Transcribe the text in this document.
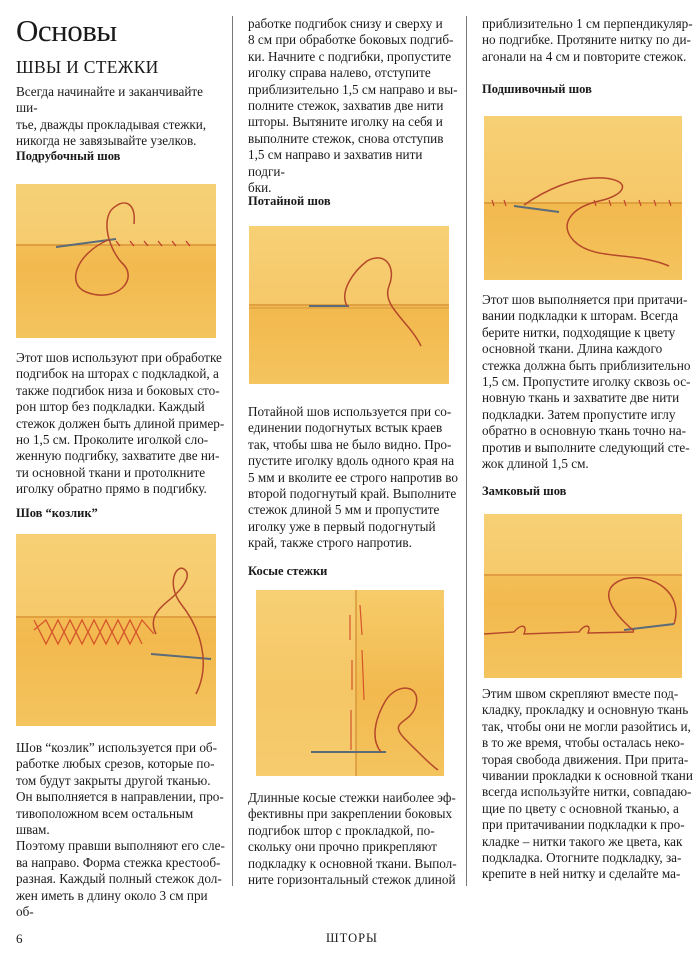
Основы
ШВЫ И СТЕЖКИ

Всегда начинайте и заканчивайте ши-
тье, дважды прокладывая стежки,
никогда не завязывайте узелков.

Подрубочный шов

Этот шов используют при обработке
подгибок на шторах с подкладкой, а
также подгибок низа и боковых сто-
рон штор без подкладки. Каждый
стежок должен быть длиной пример-
но 1,5 см. Проколите иголкой сло-
женную подгибку, захватите две ни-
ти основной ткани и протолкните
иголку обратно прямо в подгибку.

Шов “козлик”

Шов “козлик” используется при об-
работке любых срезов, которые по-
том будут закрыты другой тканью.
Он выполняется в направлении, про-
тивоположном всем остальным швам.
Поэтому правши выполняют его сле-
ва направо. Форма стежка крестооб-
разная. Каждый полный стежок дол-
жен иметь в длину около 3 см при об-

работке подгибок снизу и сверху и
8 см при обработке боковых подгиб-
ки. Начните с подгибки, пропустите
иголку справа налево, отступите
приблизительно 1,5 см направо и вы-
полните стежок, захватив две нити
шторы. Вытяните иголку на себя и
выполните стежок, снова отступив
1,5 см направо и захватив нити подги-
бки.

Потайной шов

Потайной шов используется при со-
единении подогнутых встык краев
так, чтобы шва не было видно. Про-
пустите иголку вдоль одного края на
5 мм и вколите ее строго напротив во
второй подогнутый край. Выполните
стежок длиной 5 мм и пропустите
иголку уже в первый подогнутый
край, также строго напротив.

Косые стежки

Длинные косые стежки наиболее эф-
фективны при закреплении боковых
подгибок штор с прокладкой, по-
скольку они прочно прикрепляют
подкладку к основной ткани. Выпол-
ните горизонтальный стежок длиной

приблизительно 1 см перпендикуляр-
но подгибке. Протяните нитку по ди-
агонали на 4 см и повторите стежок.

Подшивочный шов

Этот шов выполняется при притачи-
вании подкладки к шторам. Всегда
берите нитки, подходящие к цвету
основной ткани. Длина каждого
стежка должна быть приблизительно
1,5 см. Пропустите иголку сквозь ос-
новную ткань и захватите две нити
подкладки. Затем пропустите иглу
обратно в основную ткань точно на-
против и выполните следующий сте-
жок длиной 1,5 см.

Замковый шов

Этим швом скрепляют вместе под-
кладку, прокладку и основную ткань
так, чтобы они не могли разойтись и,
в то же время, чтобы осталась неко-
торая свобода движения. При прита-
чивании прокладки к основной ткани
всегда используйте нитки, совпадаю-
щие по цвету с основной тканью, а
при притачивании подкладки к про-
кладке – нитки такого же цвета, как
подкладка. Отогните подкладку, за-
крепите в ней нитку и сделайте ма-

6	ШТОРЫ
